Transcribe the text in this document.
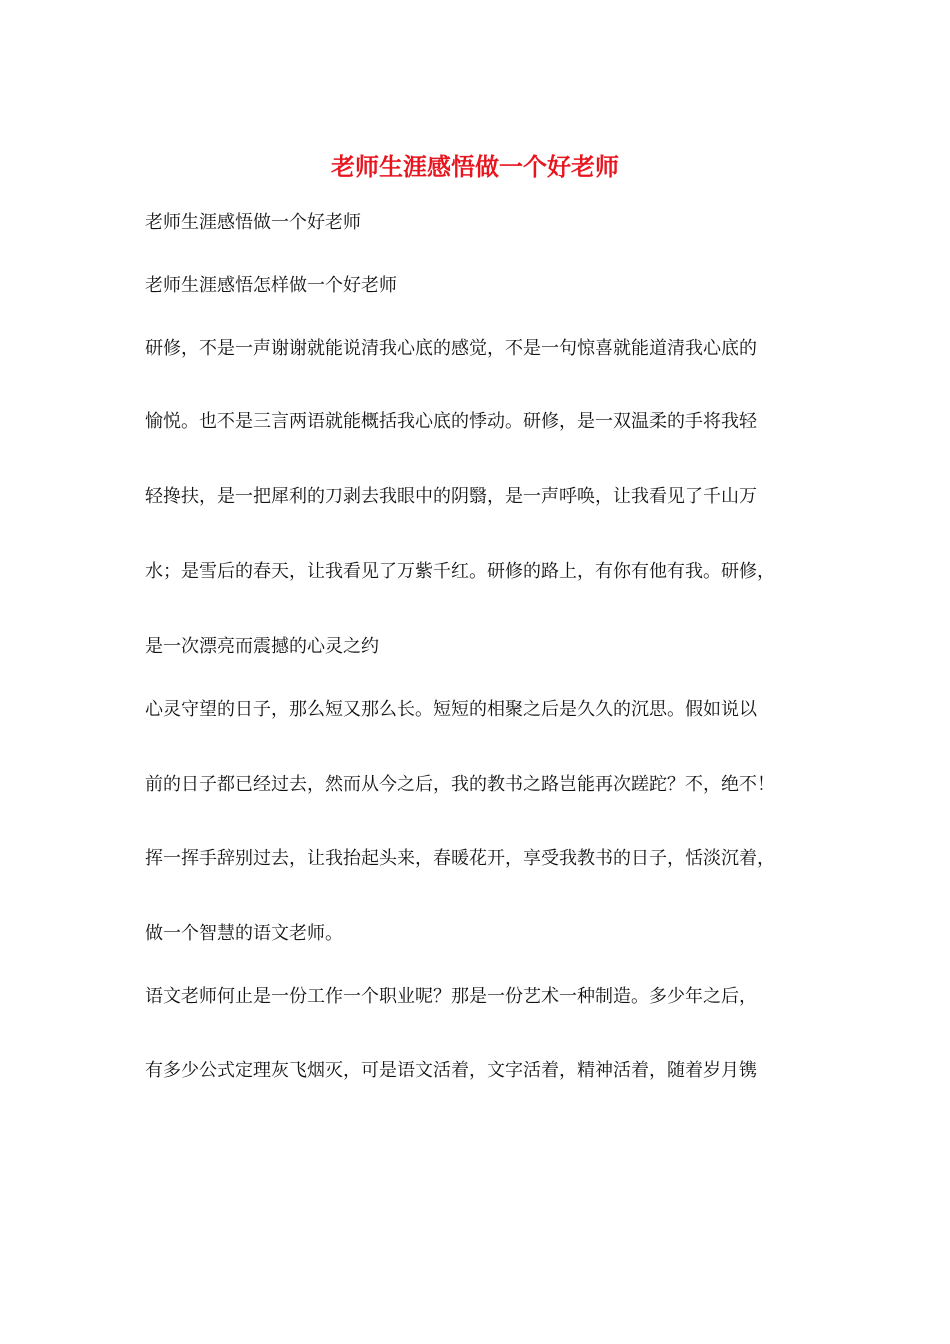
老师生涯感悟做一个好老师

老师生涯感悟做一个好老师

老师生涯感悟怎样做一个好老师

研修，不是一声谢谢就能说清我心底的感觉，不是一句惊喜就能道清我心底的

愉悦。也不是三言两语就能概括我心底的悸动。研修，是一双温柔的手将我轻

轻搀扶，是一把犀利的刀剥去我眼中的阴翳，是一声呼唤，让我看见了千山万

水；是雪后的春天，让我看见了万紫千红。研修的路上，有你有他有我。研修，

是一次漂亮而震撼的心灵之约

心灵守望的日子，那么短又那么长。短短的相聚之后是久久的沉思。假如说以

前的日子都已经过去，然而从今之后，我的教书之路岂能再次蹉跎？不，绝不！

挥一挥手辞别过去，让我抬起头来，春暖花开，享受我教书的日子，恬淡沉着，

做一个智慧的语文老师。

语文老师何止是一份工作一个职业呢？那是一份艺术一种制造。多少年之后，

有多少公式定理灰飞烟灭，可是语文活着，文字活着，精神活着，随着岁月镌
